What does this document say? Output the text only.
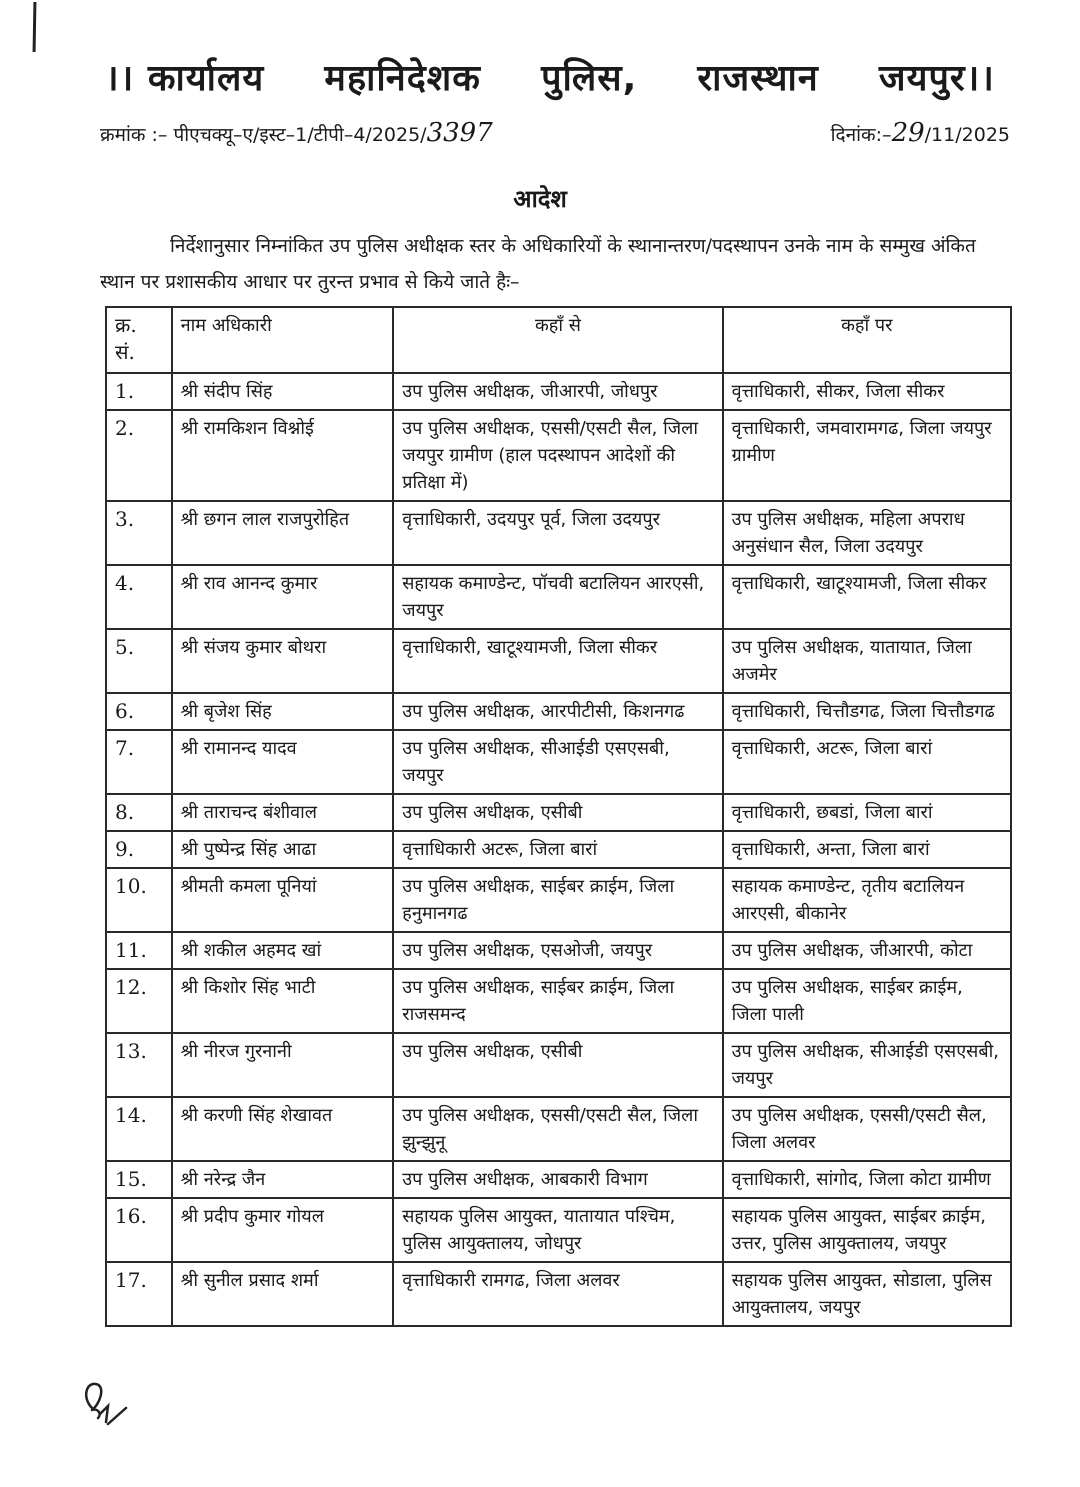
।। कार्यालय महानिदेशक पुलिस, राजस्थान जयपुर।।
क्रमांक :– पीएचक्यू–ए/इस्ट–1/टीपी–4/2025/3397	दिनांक:–29/11/2025
आदेश
निर्देशानुसार निम्नांकित उप पुलिस अधीक्षक स्तर के अधिकारियों के स्थानान्तरण/पदस्थापन उनके नाम के सम्मुख अंकित स्थान पर प्रशासकीय आधार पर तुरन्त प्रभाव से किये जाते हैः–
क्र. सं.	नाम अधिकारी	कहाँ से	कहाँ पर
1.	श्री संदीप सिंह	उप पुलिस अधीक्षक, जीआरपी, जोधपुर	वृत्ताधिकारी, सीकर, जिला सीकर
2.	श्री रामकिशन विश्नोई	उप पुलिस अधीक्षक, एससी/एसटी सैल, जिला जयपुर ग्रामीण (हाल पदस्थापन आदेशों की प्रतिक्षा में)	वृत्ताधिकारी, जमवारामगढ, जिला जयपुर ग्रामीण
3.	श्री छगन लाल राजपुरोहित	वृत्ताधिकारी, उदयपुर पूर्व, जिला उदयपुर	उप पुलिस अधीक्षक, महिला अपराध अनुसंधान सैल, जिला उदयपुर
4.	श्री राव आनन्द कुमार	सहायक कमाण्डेन्ट, पॉचवी बटालियन आरएसी, जयपुर	वृत्ताधिकारी, खाटूश्यामजी, जिला सीकर
5.	श्री संजय कुमार बोथरा	वृत्ताधिकारी, खाटूश्यामजी, जिला सीकर	उप पुलिस अधीक्षक, यातायात, जिला अजमेर
6.	श्री बृजेश सिंह	उप पुलिस अधीक्षक, आरपीटीसी, किशनगढ	वृत्ताधिकारी, चित्तौडगढ, जिला चित्तौडगढ
7.	श्री रामानन्द यादव	उप पुलिस अधीक्षक, सीआईडी एसएसबी, जयपुर	वृत्ताधिकारी, अटरू, जिला बारां
8.	श्री ताराचन्द बंशीवाल	उप पुलिस अधीक्षक, एसीबी	वृत्ताधिकारी, छबडां, जिला बारां
9.	श्री पुष्पेन्द्र सिंह आढा	वृत्ताधिकारी अटरू, जिला बारां	वृत्ताधिकारी, अन्ता, जिला बारां
10.	श्रीमती कमला पूनियां	उप पुलिस अधीक्षक, साईबर क्राईम, जिला हनुमानगढ	सहायक कमाण्डेन्ट, तृतीय बटालियन आरएसी, बीकानेर
11.	श्री शकील अहमद खां	उप पुलिस अधीक्षक, एसओजी, जयपुर	उप पुलिस अधीक्षक, जीआरपी, कोटा
12.	श्री किशोर सिंह भाटी	उप पुलिस अधीक्षक, साईबर क्राईम, जिला राजसमन्द	उप पुलिस अधीक्षक, साईबर क्राईम, जिला पाली
13.	श्री नीरज गुरनानी	उप पुलिस अधीक्षक, एसीबी	उप पुलिस अधीक्षक, सीआईडी एसएसबी, जयपुर
14.	श्री करणी सिंह शेखावत	उप पुलिस अधीक्षक, एससी/एसटी सैल, जिला झुन्झुनू	उप पुलिस अधीक्षक, एससी/एसटी सैल, जिला अलवर
15.	श्री नरेन्द्र जैन	उप पुलिस अधीक्षक, आबकारी विभाग	वृत्ताधिकारी, सांगोद, जिला कोटा ग्रामीण
16.	श्री प्रदीप कुमार गोयल	सहायक पुलिस आयुक्त, यातायात पश्चिम, पुलिस आयुक्तालय, जोधपुर	सहायक पुलिस आयुक्त, साईबर क्राईम, उत्तर, पुलिस आयुक्तालय, जयपुर
17.	श्री सुनील प्रसाद शर्मा	वृत्ताधिकारी रामगढ, जिला अलवर	सहायक पुलिस आयुक्त, सोडाला, पुलिस आयुक्तालय, जयपुर
